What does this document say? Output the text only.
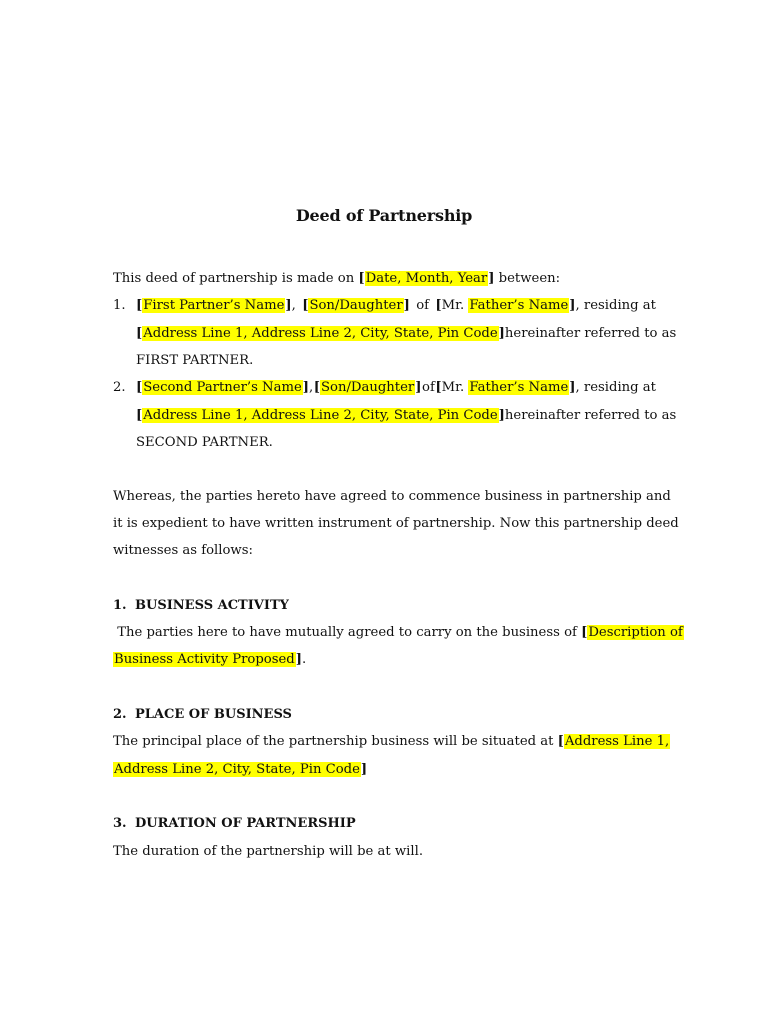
Deed of Partnership
This deed of partnership is made on [Date, Month, Year] between:
1. [First Partner’s Name], [Son/Daughter] of [Mr. Father’s Name], residing at
[Address Line 1, Address Line 2, City, State, Pin Code] hereinafter referred to as
FIRST PARTNER.
2. [Second Partner’s Name], [Son/Daughter] of [Mr. Father’s Name], residing at
[Address Line 1, Address Line 2, City, State, Pin Code] hereinafter referred to as
SECOND PARTNER.
Whereas, the parties hereto have agreed to commence business in partnership and
it is expedient to have written instrument of partnership. Now this partnership deed
witnesses as follows:
1. BUSINESS ACTIVITY
The parties here to have mutually agreed to carry on the business of [Description of
Business Activity Proposed].
2. PLACE OF BUSINESS
The principal place of the partnership business will be situated at [Address Line 1,
Address Line 2, City, State, Pin Code]
3. DURATION OF PARTNERSHIP
The duration of the partnership will be at will.
